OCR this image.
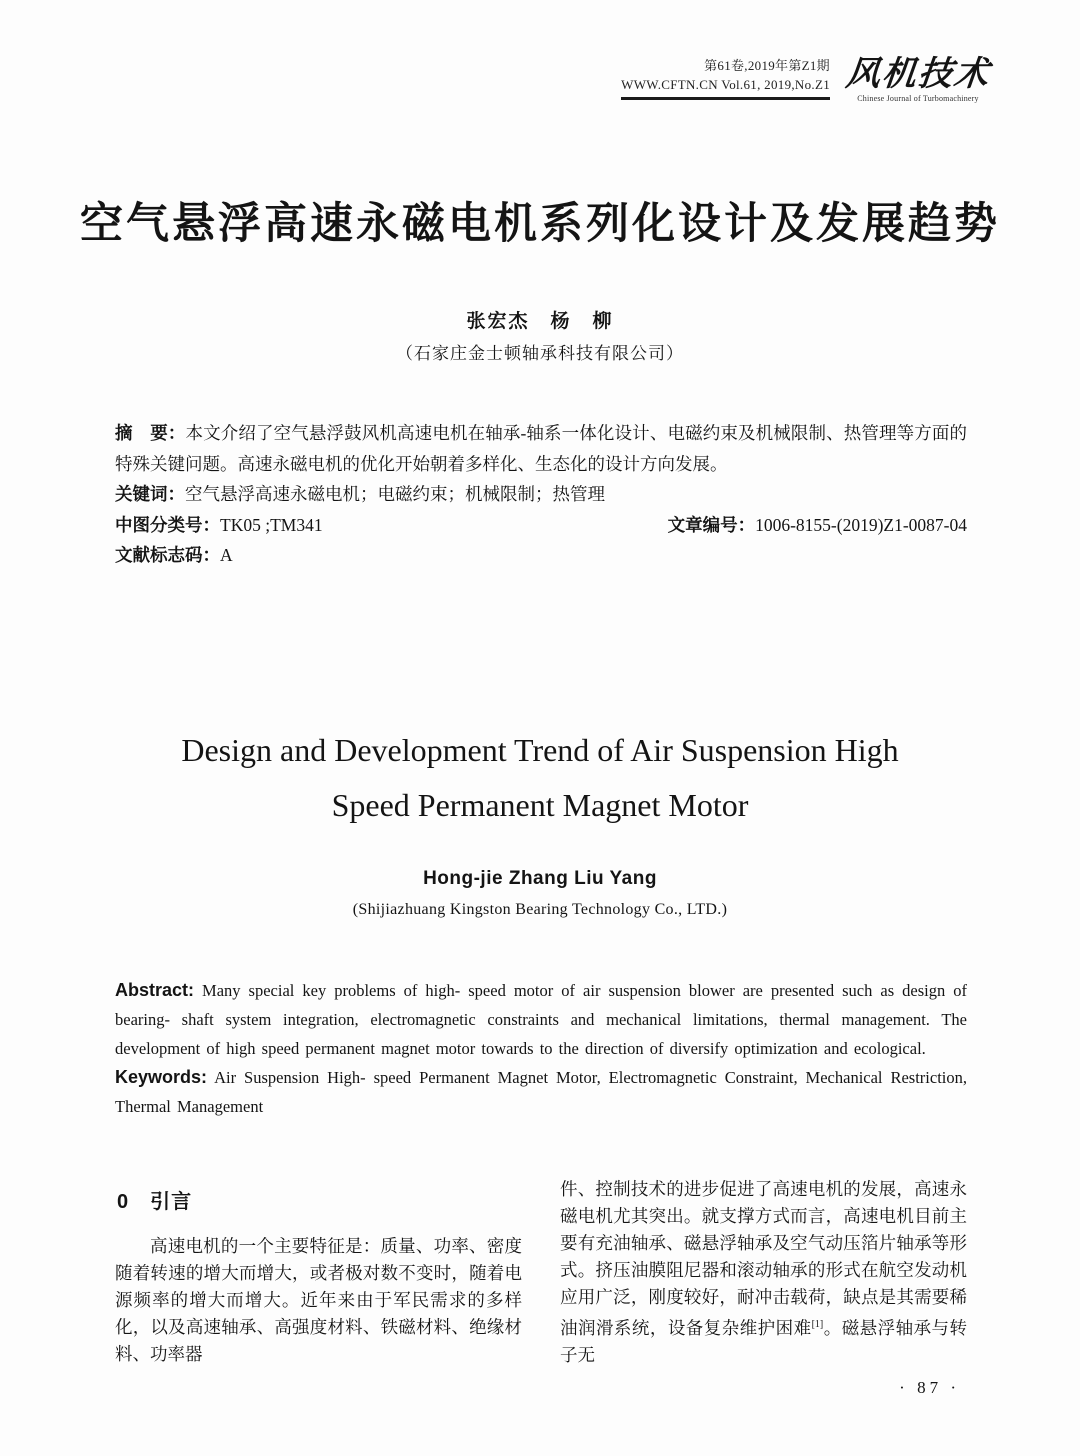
第61卷,2019年第Z1期
WWW.CFTN.CN Vol.61, 2019,No.Z1 风机技术
Chinese Journal of Turbomachinery
空气悬浮高速永磁电机系列化设计及发展趋势
张宏杰　杨　柳
（石家庄金士顿轴承科技有限公司）

摘　要：本文介绍了空气悬浮鼓风机高速电机在轴承-轴系一体化设计、电磁约束及机械限制、热管理等方面的特殊关键问题。高速永磁电机的优化开始朝着多样化、生态化的设计方向发展。

关键词：空气悬浮高速永磁电机；电磁约束；机械限制；热管理

中图分类号：TK05 ;TM341	文章编号：1006-8155-(2019)Z1-0087-04

文献标志码：A

Design and Development Trend of Air Suspension High
Speed Permanent Magnet Motor
Hong-jie Zhang Liu Yang
(Shijiazhuang Kingston Bearing Technology Co., LTD.)

Abstract: Many special key problems of high- speed motor of air suspension blower are presented such as design of bearing- shaft system integration, electromagnetic constraints and mechanical limitations, thermal management. The development of high speed permanent magnet motor towards to the direction of diversify optimization and ecological.

Keywords: Air Suspension High- speed Permanent Magnet Motor, Electromagnetic Constraint, Mechanical Restriction, Thermal Management

0　引言

高速电机的一个主要特征是：质量、功率、密度随着转速的增大而增大，或者极对数不变时，随着电源频率的增大而增大。近年来由于军民需求的多样化，以及高速轴承、高强度材料、铁磁材料、绝缘材料、功率器

件、控制技术的进步促进了高速电机的发展，高速永磁电机尤其突出。就支撑方式而言，高速电机目前主要有充油轴承、磁悬浮轴承及空气动压箔片轴承等形式。挤压油膜阻尼器和滚动轴承的形式在航空发动机应用广泛，刚度较好，耐冲击载荷，缺点是其需要稀油润滑系统，设备复杂维护困难[1]。磁悬浮轴承与转子无

· 87 ·
